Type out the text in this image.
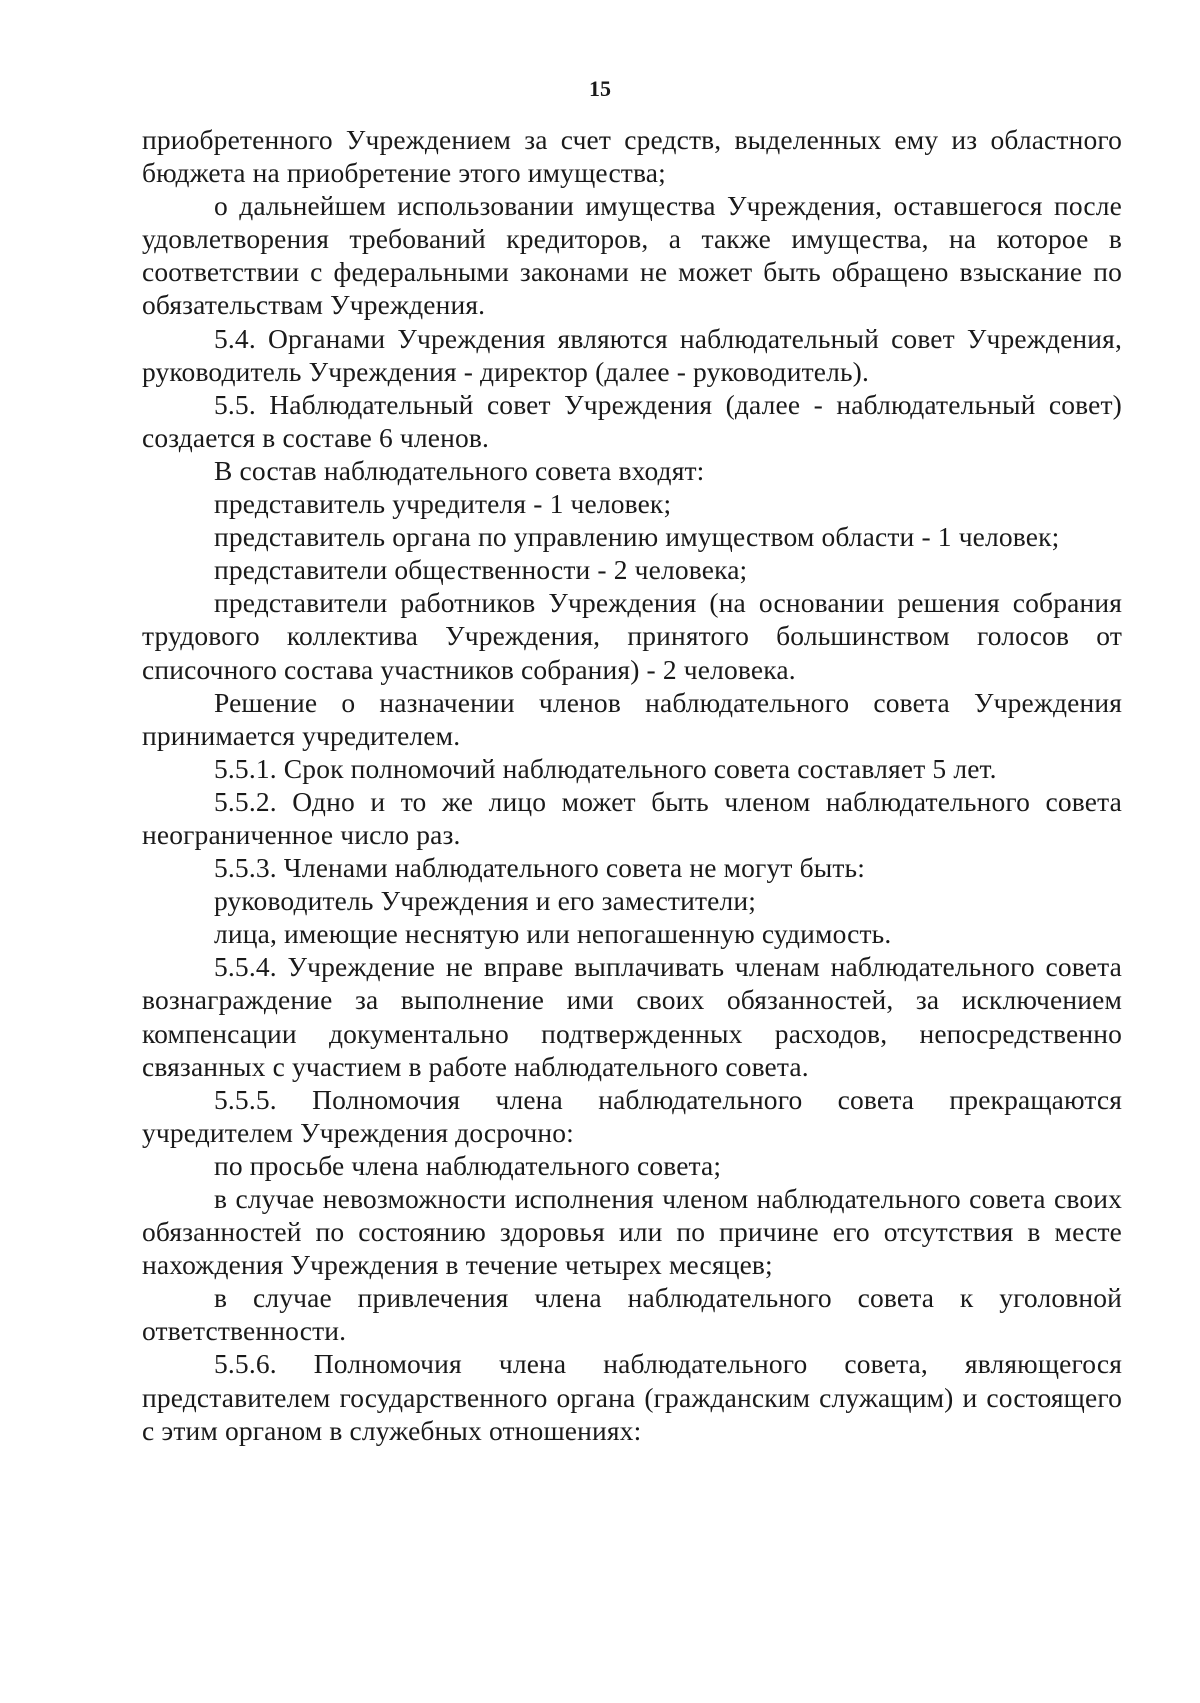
15

приобретенного Учреждением за счет средств, выделенных ему из областного бюджета на приобретение этого имущества;

о дальнейшем использовании имущества Учреждения, оставшегося после удовлетворения требований кредиторов, а также имущества, на которое в соответствии с федеральными законами не может быть обращено взыскание по обязательствам Учреждения.

5.4. Органами Учреждения являются наблюдательный совет Учреждения, руководитель Учреждения - директор (далее - руководитель).

5.5. Наблюдательный совет Учреждения (далее - наблюдательный совет) создается в составе 6 членов.

В состав наблюдательного совета входят:

представитель учредителя - 1 человек;

представитель органа по управлению имуществом области - 1 человек;

представители общественности - 2 человека;

представители работников Учреждения (на основании решения собрания трудового коллектива Учреждения, принятого большинством голосов от списочного состава участников собрания) - 2 человека.

Решение о назначении членов наблюдательного совета Учреждения принимается учредителем.

5.5.1. Срок полномочий наблюдательного совета составляет 5 лет.

5.5.2. Одно и то же лицо может быть членом наблюдательного совета неограниченное число раз.

5.5.3. Членами наблюдательного совета не могут быть:

руководитель Учреждения и его заместители;

лица, имеющие неснятую или непогашенную судимость.

5.5.4. Учреждение не вправе выплачивать членам наблюдательного совета вознаграждение за выполнение ими своих обязанностей, за исключением компенсации документально подтвержденных расходов, непосредственно связанных с участием в работе наблюдательного совета.

5.5.5. Полномочия члена наблюдательного совета прекращаются учредителем Учреждения досрочно:

по просьбе члена наблюдательного совета;

в случае невозможности исполнения членом наблюдательного совета своих обязанностей по состоянию здоровья или по причине его отсутствия в месте нахождения Учреждения в течение четырех месяцев;

в случае привлечения члена наблюдательного совета к уголовной ответственности.

5.5.6. Полномочия члена наблюдательного совета, являющегося представителем государственного органа (гражданским служащим) и состоящего с этим органом в служебных отношениях:
